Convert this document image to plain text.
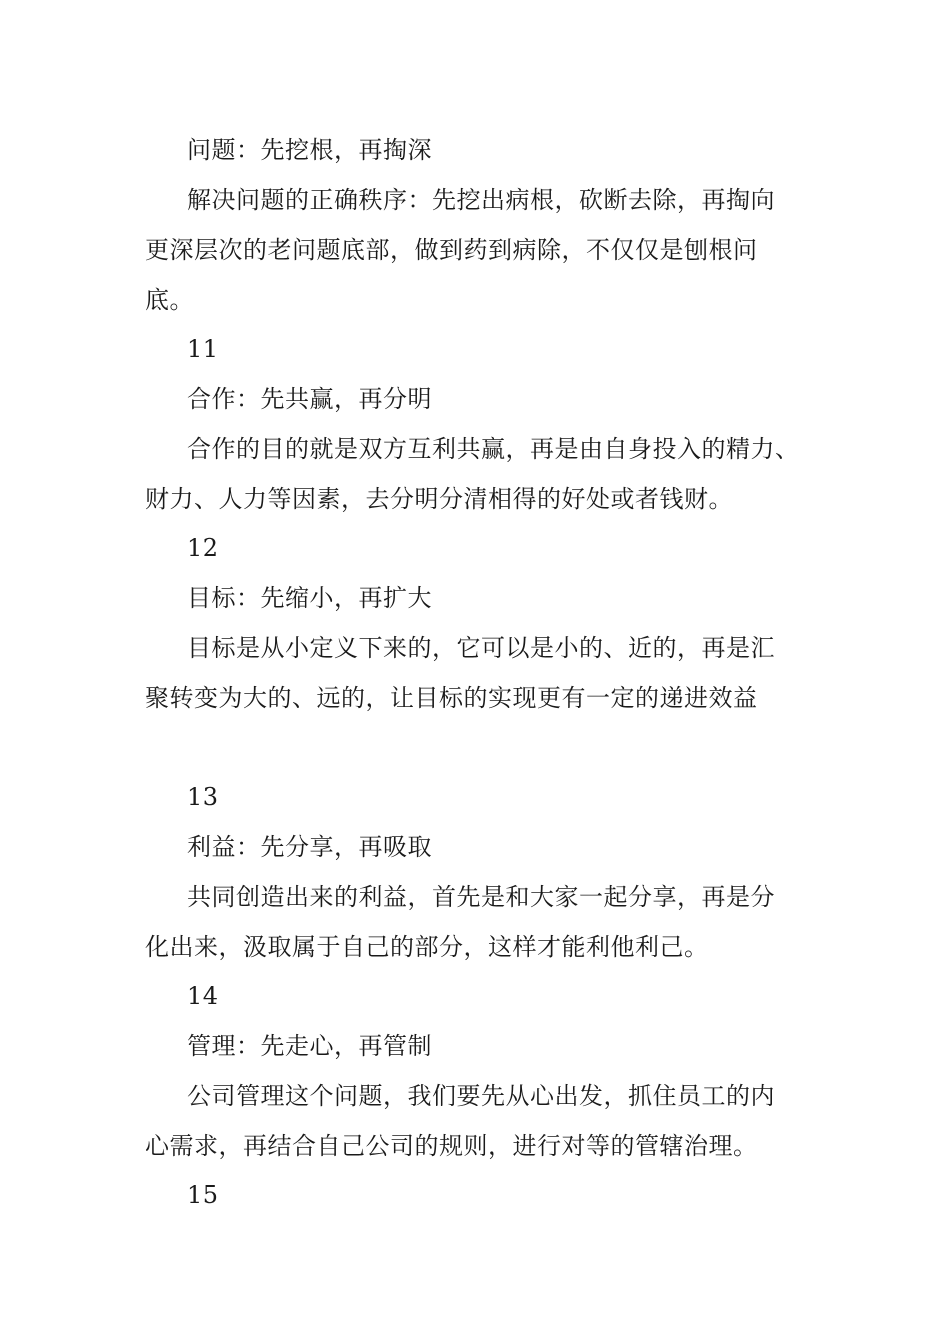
问题：先挖根，再掏深
解决问题的正确秩序：先挖出病根，砍断去除，再掏向
更深层次的老问题底部，做到药到病除，不仅仅是刨根问
底。
11
合作：先共赢，再分明
合作的目的就是双方互利共赢，再是由自身投入的精力、
财力、人力等因素，去分明分清相得的好处或者钱财。
12
目标：先缩小，再扩大
目标是从小定义下来的，它可以是小的、近的，再是汇
聚转变为大的、远的，让目标的实现更有一定的递进效益
13
利益：先分享，再吸取
共同创造出来的利益，首先是和大家一起分享，再是分
化出来，汲取属于自己的部分，这样才能利他利己。
14
管理：先走心，再管制
公司管理这个问题，我们要先从心出发，抓住员工的内
心需求，再结合自己公司的规则，进行对等的管辖治理。
15
